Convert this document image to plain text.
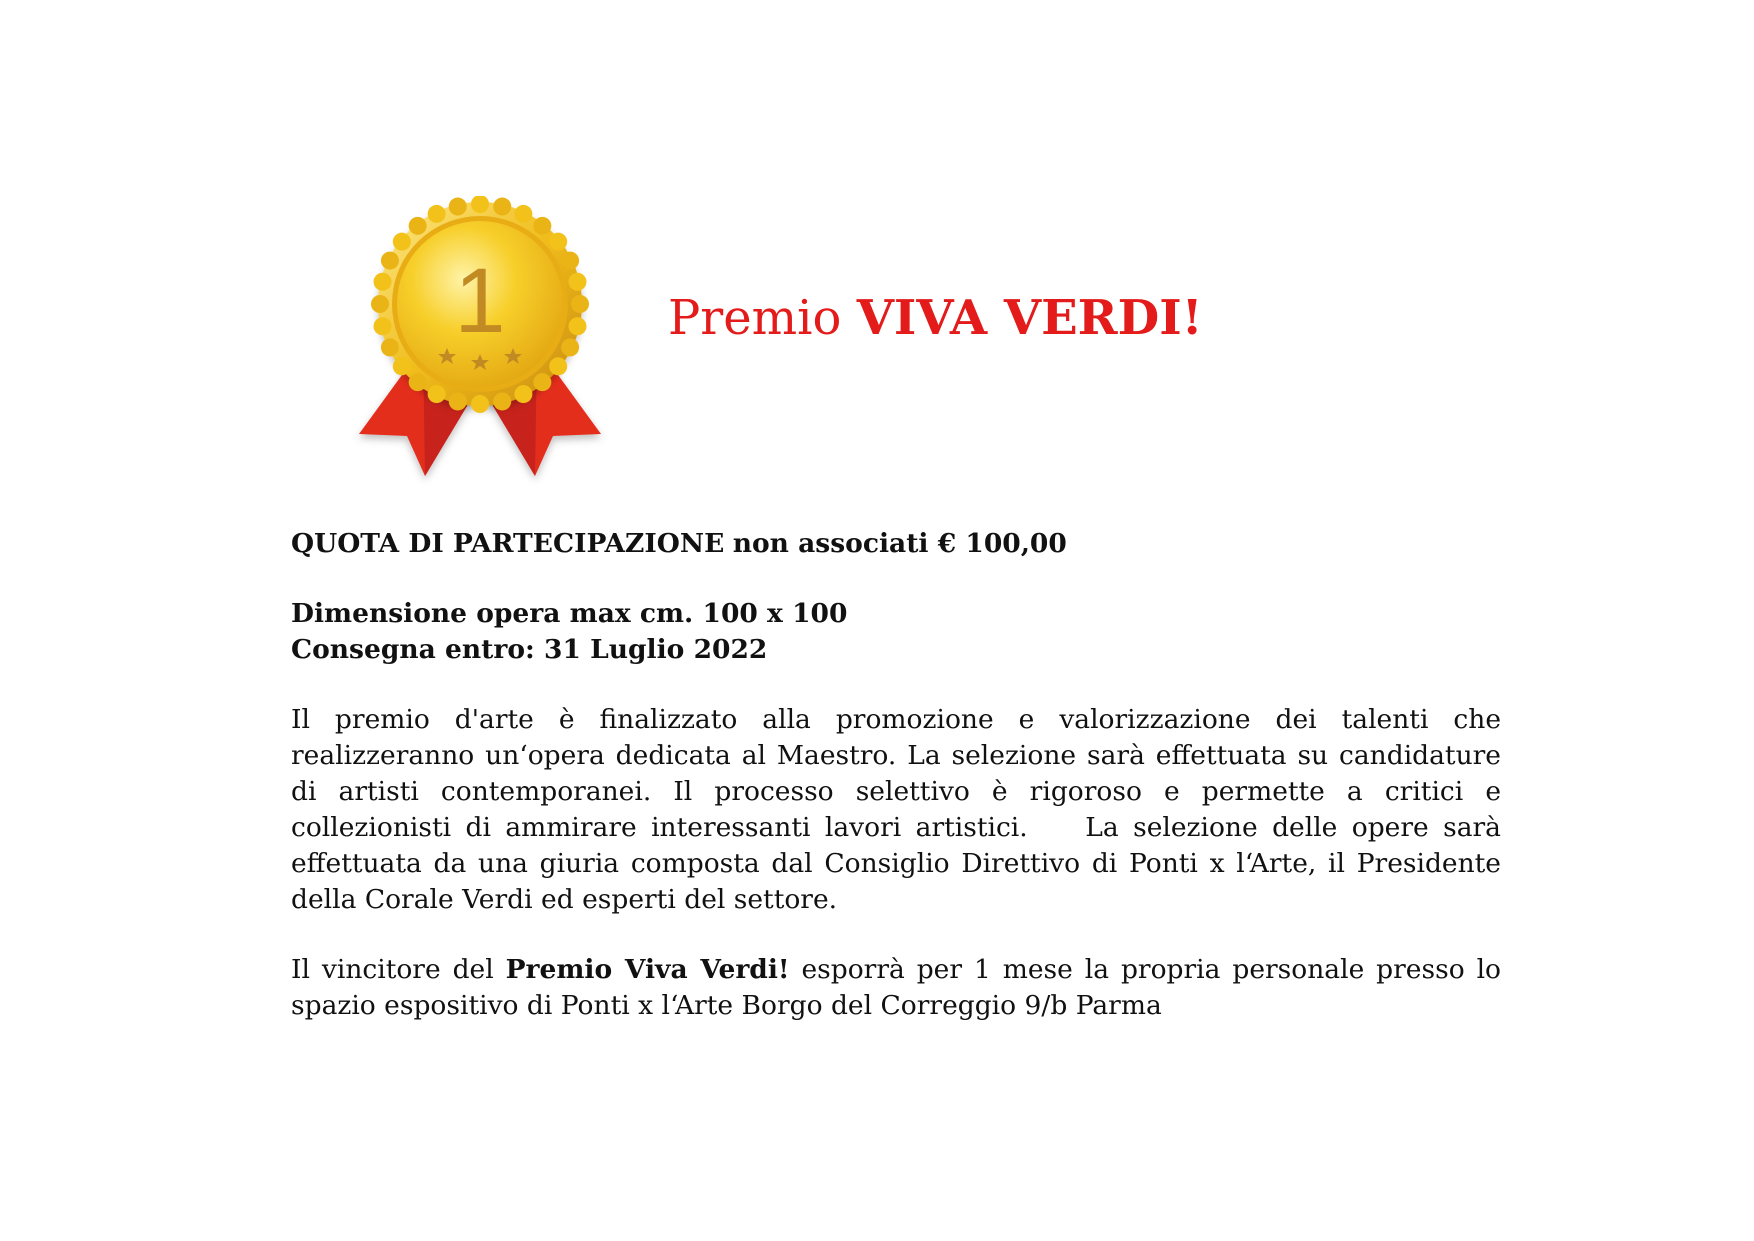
1	Premio VIVA VERDI!

QUOTA DI PARTECIPAZIONE non associati € 100,00

Dimensione opera max cm. 100 x 100

Consegna entro: 31 Luglio 2022

Il premio d'arte è finalizzato alla promozione e valorizzazione dei talenti che realizzeranno un‘opera dedicata al Maestro. La selezione sarà effettuata su candidature di artisti contemporanei. Il processo selettivo è rigoroso e permette a critici e collezionisti di ammirare interessanti lavori artistici.    La selezione delle opere sarà effettuata da una giuria composta dal Consiglio Direttivo di Ponti x l‘Arte, il Presidente della Corale Verdi ed esperti del settore.

Il vincitore del Premio Viva Verdi! esporrà per 1 mese la propria personale presso lo spazio espositivo di Ponti x l‘Arte Borgo del Correggio 9/b Parma
